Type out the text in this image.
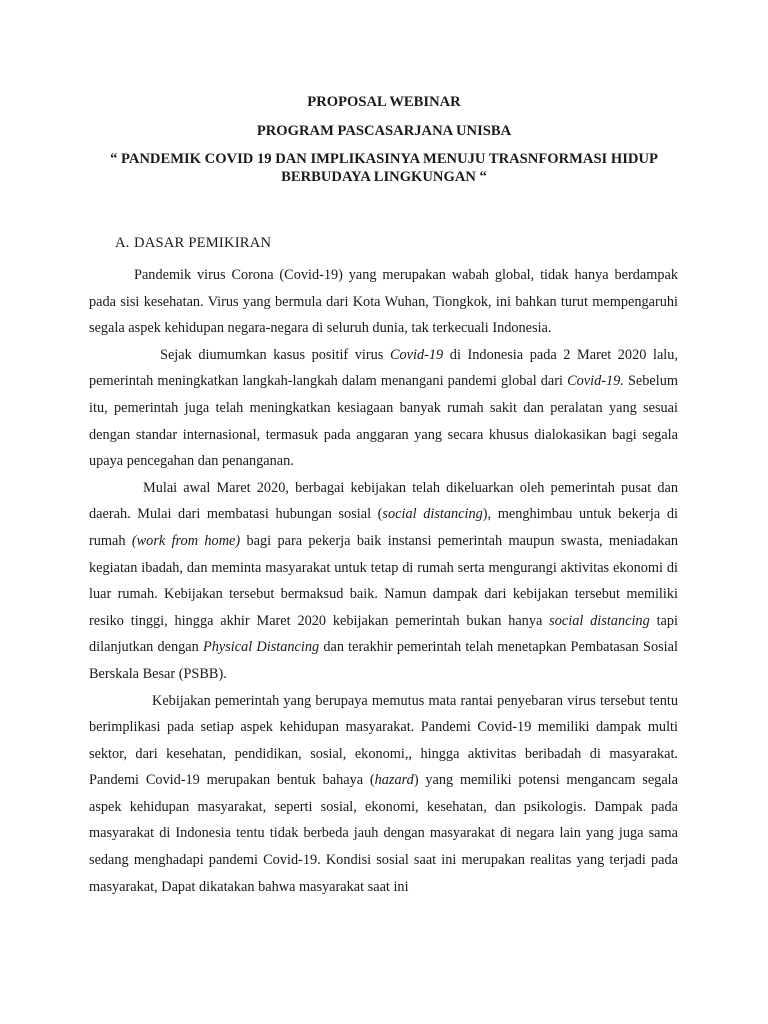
PROPOSAL WEBINAR
PROGRAM PASCASARJANA UNISBA
“ PANDEMIK COVID 19 DAN IMPLIKASINYA MENUJU TRASNFORMASI HIDUP
BERBUDAYA LINGKUNGAN “
A. DASAR PEMIKIRAN

Pandemik virus Corona (Covid-19) yang merupakan wabah global, tidak hanya berdampak pada sisi kesehatan. Virus yang bermula dari Kota Wuhan, Tiongkok, ini bahkan turut mempengaruhi segala aspek kehidupan negara-negara di seluruh dunia, tak terkecuali Indonesia.

Sejak diumumkan kasus positif virus Covid-19 di Indonesia pada 2 Maret 2020 lalu, pemerintah meningkatkan langkah-langkah dalam menangani pandemi global dari Covid-19. Sebelum itu, pemerintah juga telah meningkatkan kesiagaan banyak rumah sakit dan peralatan yang sesuai dengan standar internasional, termasuk pada anggaran yang secara khusus dialokasikan bagi segala upaya pencegahan dan penanganan.

Mulai awal Maret 2020, berbagai kebijakan telah dikeluarkan oleh pemerintah pusat dan daerah. Mulai dari membatasi hubungan sosial (social distancing), menghimbau untuk bekerja di rumah (work from home) bagi para pekerja baik instansi pemerintah maupun swasta, meniadakan kegiatan ibadah, dan meminta masyarakat untuk tetap di rumah serta mengurangi aktivitas ekonomi di luar rumah. Kebijakan tersebut bermaksud baik. Namun dampak dari kebijakan tersebut memiliki resiko tinggi, hingga akhir Maret 2020 kebijakan pemerintah bukan hanya social distancing tapi dilanjutkan dengan Physical Distancing dan terakhir pemerintah telah menetapkan Pembatasan Sosial Berskala Besar (PSBB).

Kebijakan pemerintah yang berupaya memutus mata rantai penyebaran virus tersebut tentu berimplikasi pada setiap aspek kehidupan masyarakat. Pandemi Covid-19 memiliki dampak multi sektor, dari kesehatan, pendidikan, sosial, ekonomi,, hingga aktivitas beribadah di masyarakat. Pandemi Covid-19 merupakan bentuk bahaya (hazard) yang memiliki potensi mengancam segala aspek kehidupan masyarakat, seperti sosial, ekonomi, kesehatan, dan psikologis. Dampak pada masyarakat di Indonesia tentu tidak berbeda jauh dengan masyarakat di negara lain yang juga sama sedang menghadapi pandemi Covid-19. Kondisi sosial saat ini merupakan realitas yang terjadi pada masyarakat, Dapat dikatakan bahwa masyarakat saat ini
